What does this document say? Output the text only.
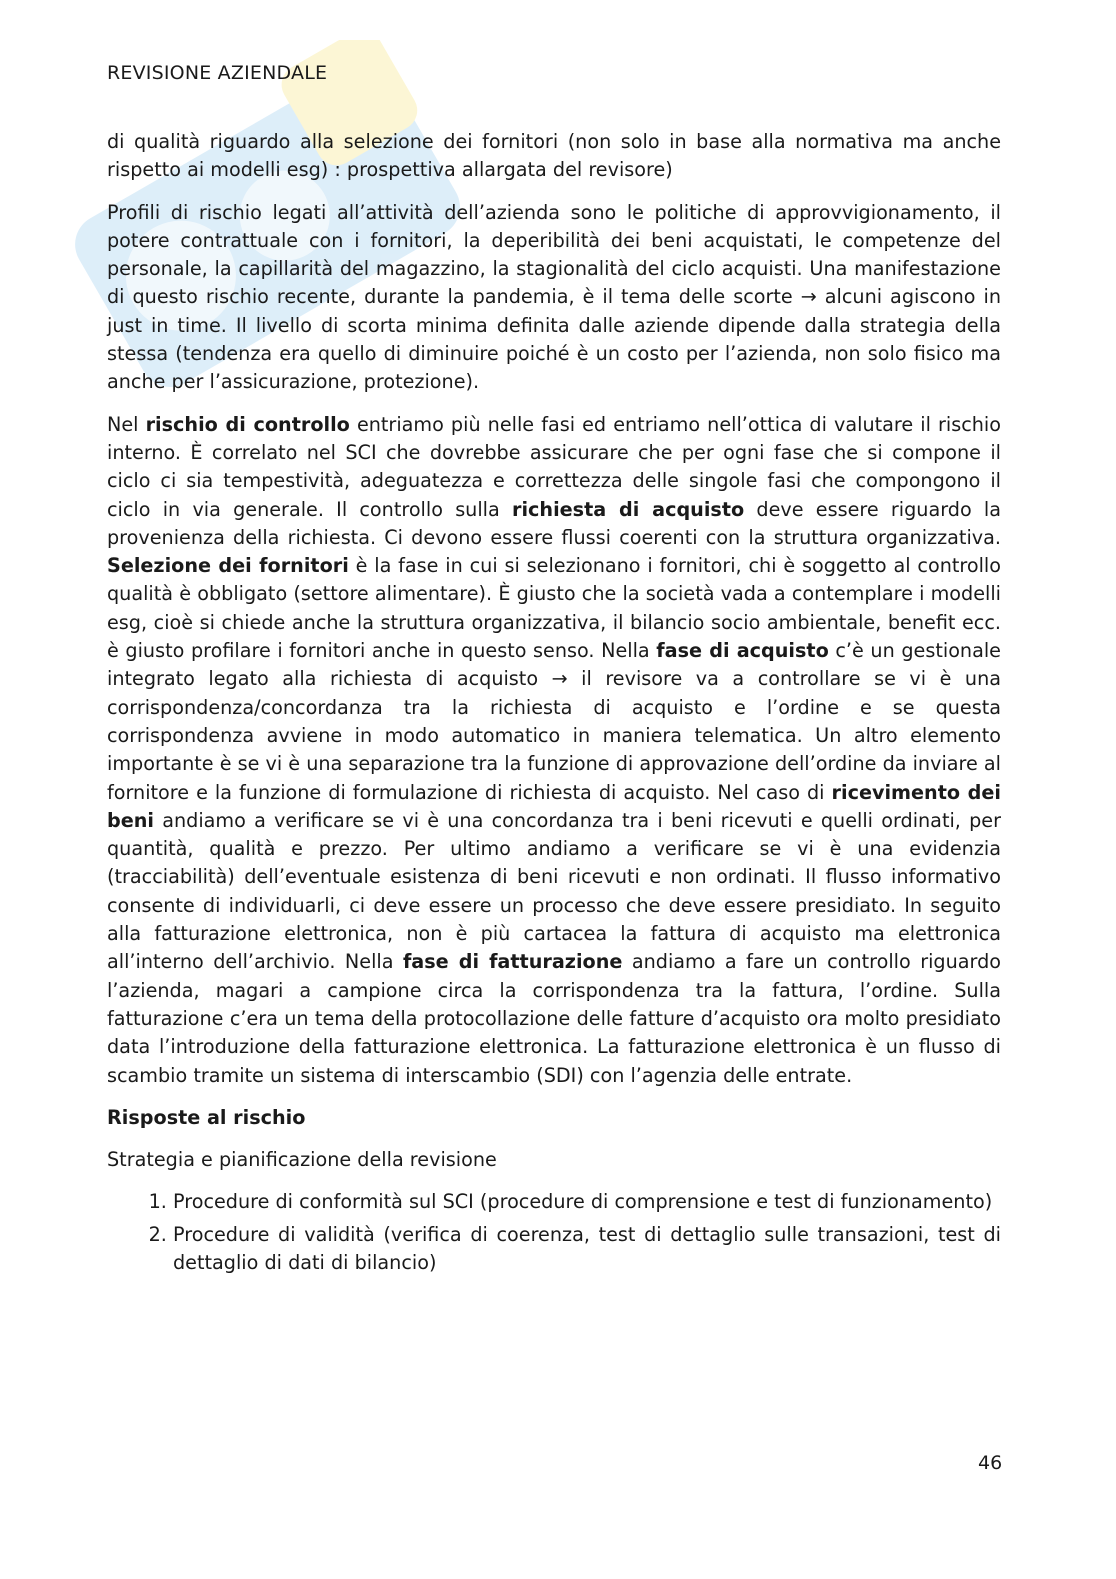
REVISIONE AZIENDALE

di qualità riguardo alla selezione dei fornitori (non solo in base alla normativa ma anche rispetto ai modelli esg) : prospettiva allargata del revisore)

Profili di rischio legati all’attività dell’azienda sono le politiche di approvvigionamento, il potere contrattuale con i fornitori, la deperibilità dei beni acquistati, le competenze del personale, la capillarità del magazzino, la stagionalità del ciclo acquisti. Una manifestazione di questo rischio recente, durante la pandemia, è il tema delle scorte → alcuni agiscono in just in time. Il livello di scorta minima definita dalle aziende dipende dalla strategia della stessa (tendenza era quello di diminuire poiché è un costo per l’azienda, non solo fisico ma anche per l’assicurazione, protezione).

Nel rischio di controllo entriamo più nelle fasi ed entriamo nell’ottica di valutare il rischio interno. È correlato nel SCI che dovrebbe assicurare che per ogni fase che si compone il ciclo ci sia tempestività, adeguatezza e correttezza delle singole fasi che compongono il ciclo in via generale. Il controllo sulla richiesta di acquisto deve essere riguardo la provenienza della richiesta. Ci devono essere flussi coerenti con la struttura organizzativa. Selezione dei fornitori è la fase in cui si selezionano i fornitori, chi è soggetto al controllo qualità è obbligato (settore alimentare). È giusto che la società vada a contemplare i modelli esg, cioè si chiede anche la struttura organizzativa, il bilancio socio ambientale, benefit ecc. è giusto profilare i fornitori anche in questo senso. Nella fase di acquisto c’è un gestionale integrato legato alla richiesta di acquisto → il revisore va a controllare se vi è una corrispondenza/concordanza tra la richiesta di acquisto e l’ordine e se questa corrispondenza avviene in modo automatico in maniera telematica. Un altro elemento importante è se vi è una separazione tra la funzione di approvazione dell’ordine da inviare al fornitore e la funzione di formulazione di richiesta di acquisto. Nel caso di ricevimento dei beni andiamo a verificare se vi è una concordanza tra i beni ricevuti e quelli ordinati, per quantità, qualità e prezzo. Per ultimo andiamo a verificare se vi è una evidenzia (tracciabilità) dell’eventuale esistenza di beni ricevuti e non ordinati. Il flusso informativo consente di individuarli, ci deve essere un processo che deve essere presidiato. In seguito alla fatturazione elettronica, non è più cartacea la fattura di acquisto ma elettronica all’interno dell’archivio. Nella fase di fatturazione andiamo a fare un controllo riguardo l’azienda, magari a campione circa la corrispondenza tra la fattura, l’ordine. Sulla fatturazione c’era un tema della protocollazione delle fatture d’acquisto ora molto presidiato data l’introduzione della fatturazione elettronica. La fatturazione elettronica è un flusso di scambio tramite un sistema di interscambio (SDI) con l’agenzia delle entrate.

Risposte al rischio

Strategia e pianificazione della revisione

1. Procedure di conformità sul SCI (procedure di comprensione e test di funzionamento)
2. Procedure di validità (verifica di coerenza, test di dettaglio sulle transazioni, test di dettaglio di dati di bilancio)
46
